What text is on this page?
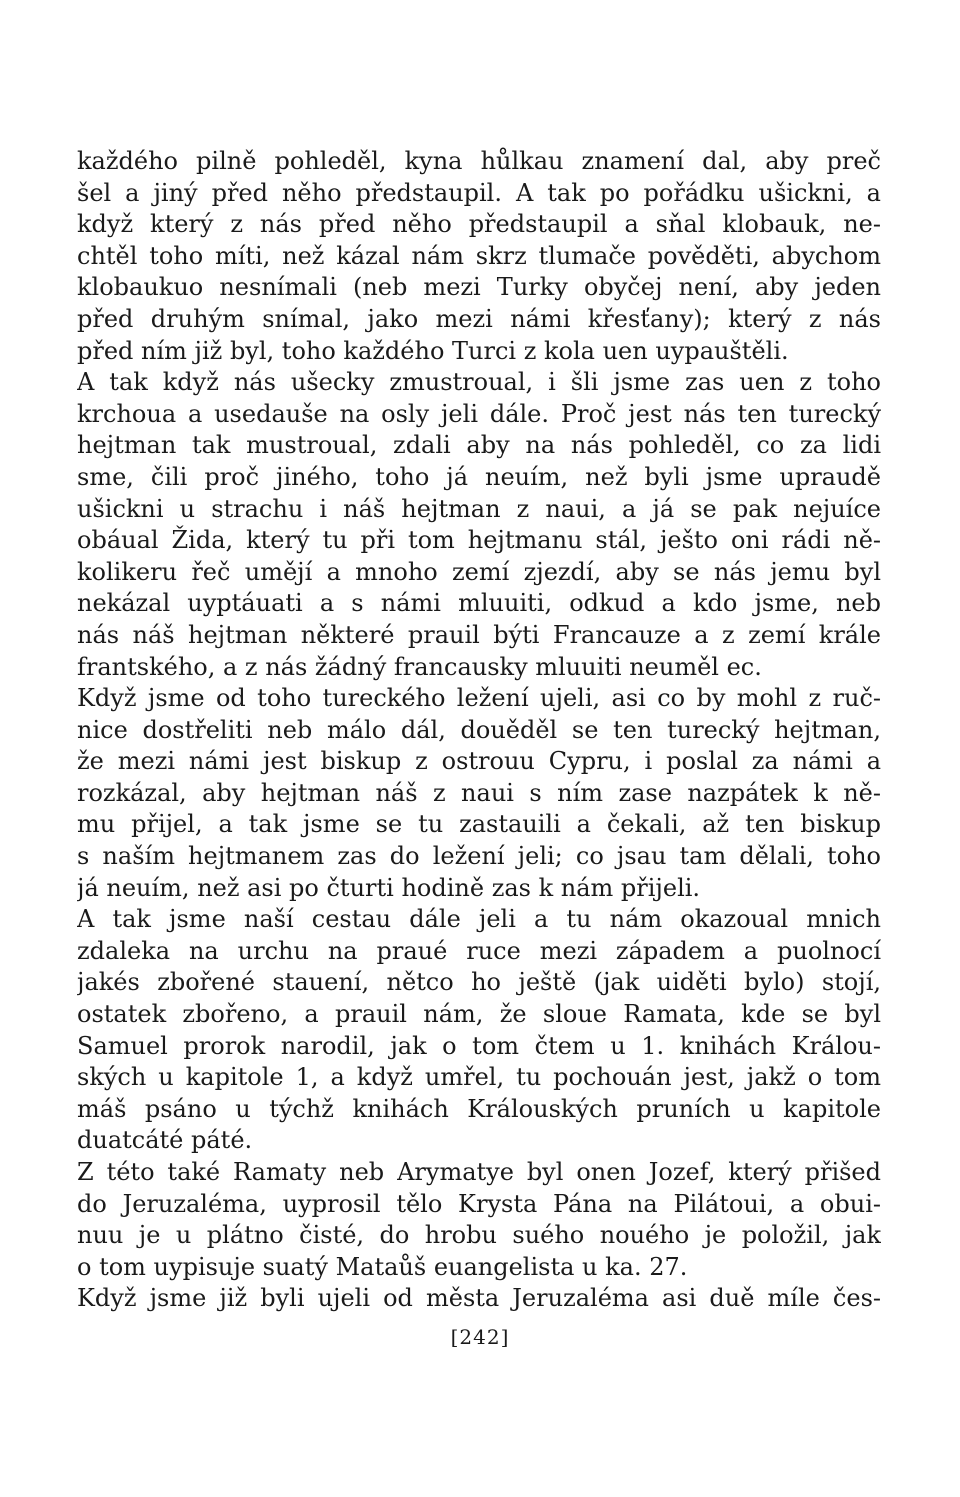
každého pilně pohleděl, kyna hůlkau znamení dal, aby preč
šel a jiný před něho předstaupil. A tak po pořádku ušickni, a
když který z nás před něho předstaupil a sňal klobauk, ne-
chtěl toho míti, než kázal nám skrz tlumače pověděti, abychom
klobaukuo nesnímali (neb mezi Turky obyčej není, aby jeden
před druhým snímal, jako mezi námi křesťany); který z nás
před ním již byl, toho každého Turci z kola uen uypauštěli.
A tak když nás ušecky zmustroual, i šli jsme zas uen z toho
krchoua a usedauše na osly jeli dále. Proč jest nás ten turecký
hejtman tak mustroual, zdali aby na nás pohleděl, co za lidi
sme, čili proč jiného, toho já neuím, než byli jsme upraudě
ušickni u strachu i náš hejtman z naui, a já se pak nejuíce
obáual Žida, který tu při tom hejtmanu stál, ješto oni rádi ně-
kolikeru řeč umějí a mnoho zemí zjezdí, aby se nás jemu byl
nekázal uyptáuati a s námi mluuiti, odkud a kdo jsme, neb
nás náš hejtman některé prauil býti Francauze a z zemí krále
frantského, a z nás žádný francausky mluuiti neuměl ec.
Když jsme od toho tureckého ležení ujeli, asi co by mohl z ruč-
nice dostřeliti neb málo dál, douěděl se ten turecký hejtman,
že mezi námi jest biskup z ostrouu Cypru, i poslal za námi a
rozkázal, aby hejtman náš z naui s ním zase nazpátek k ně-
mu přijel, a tak jsme se tu zastauili a čekali, až ten biskup
s naším hejtmanem zas do ležení jeli; co jsau tam dělali, toho
já neuím, než asi po čturti hodině zas k nám přijeli.
A tak jsme naší cestau dále jeli a tu nám okazoual mnich
zdaleka na urchu na praué ruce mezi západem a puolnocí
jakés zbořené stauení, nětco ho ještě (jak uiděti bylo) stojí,
ostatek zbořeno, a prauil nám, že sloue Ramata, kde se byl
Samuel prorok narodil, jak o tom čtem u 1. knihách Králou-
ských u kapitole 1, a když umřel, tu pochouán jest, jakž o tom
máš psáno u týchž knihách Králouských pruních u kapitole
duatcáté páté.
Z této také Ramaty neb Arymatye byl onen Jozef, který přišed
do Jeruzaléma, uyprosil tělo Krysta Pána na Pilátoui, a obui-
nuu je u plátno čisté, do hrobu suého nouého je položil, jak
o tom uypisuje suatý Mataůš euangelista u ka. 27.
Když jsme již byli ujeli od města Jeruzaléma asi duě míle čes-
[242]
